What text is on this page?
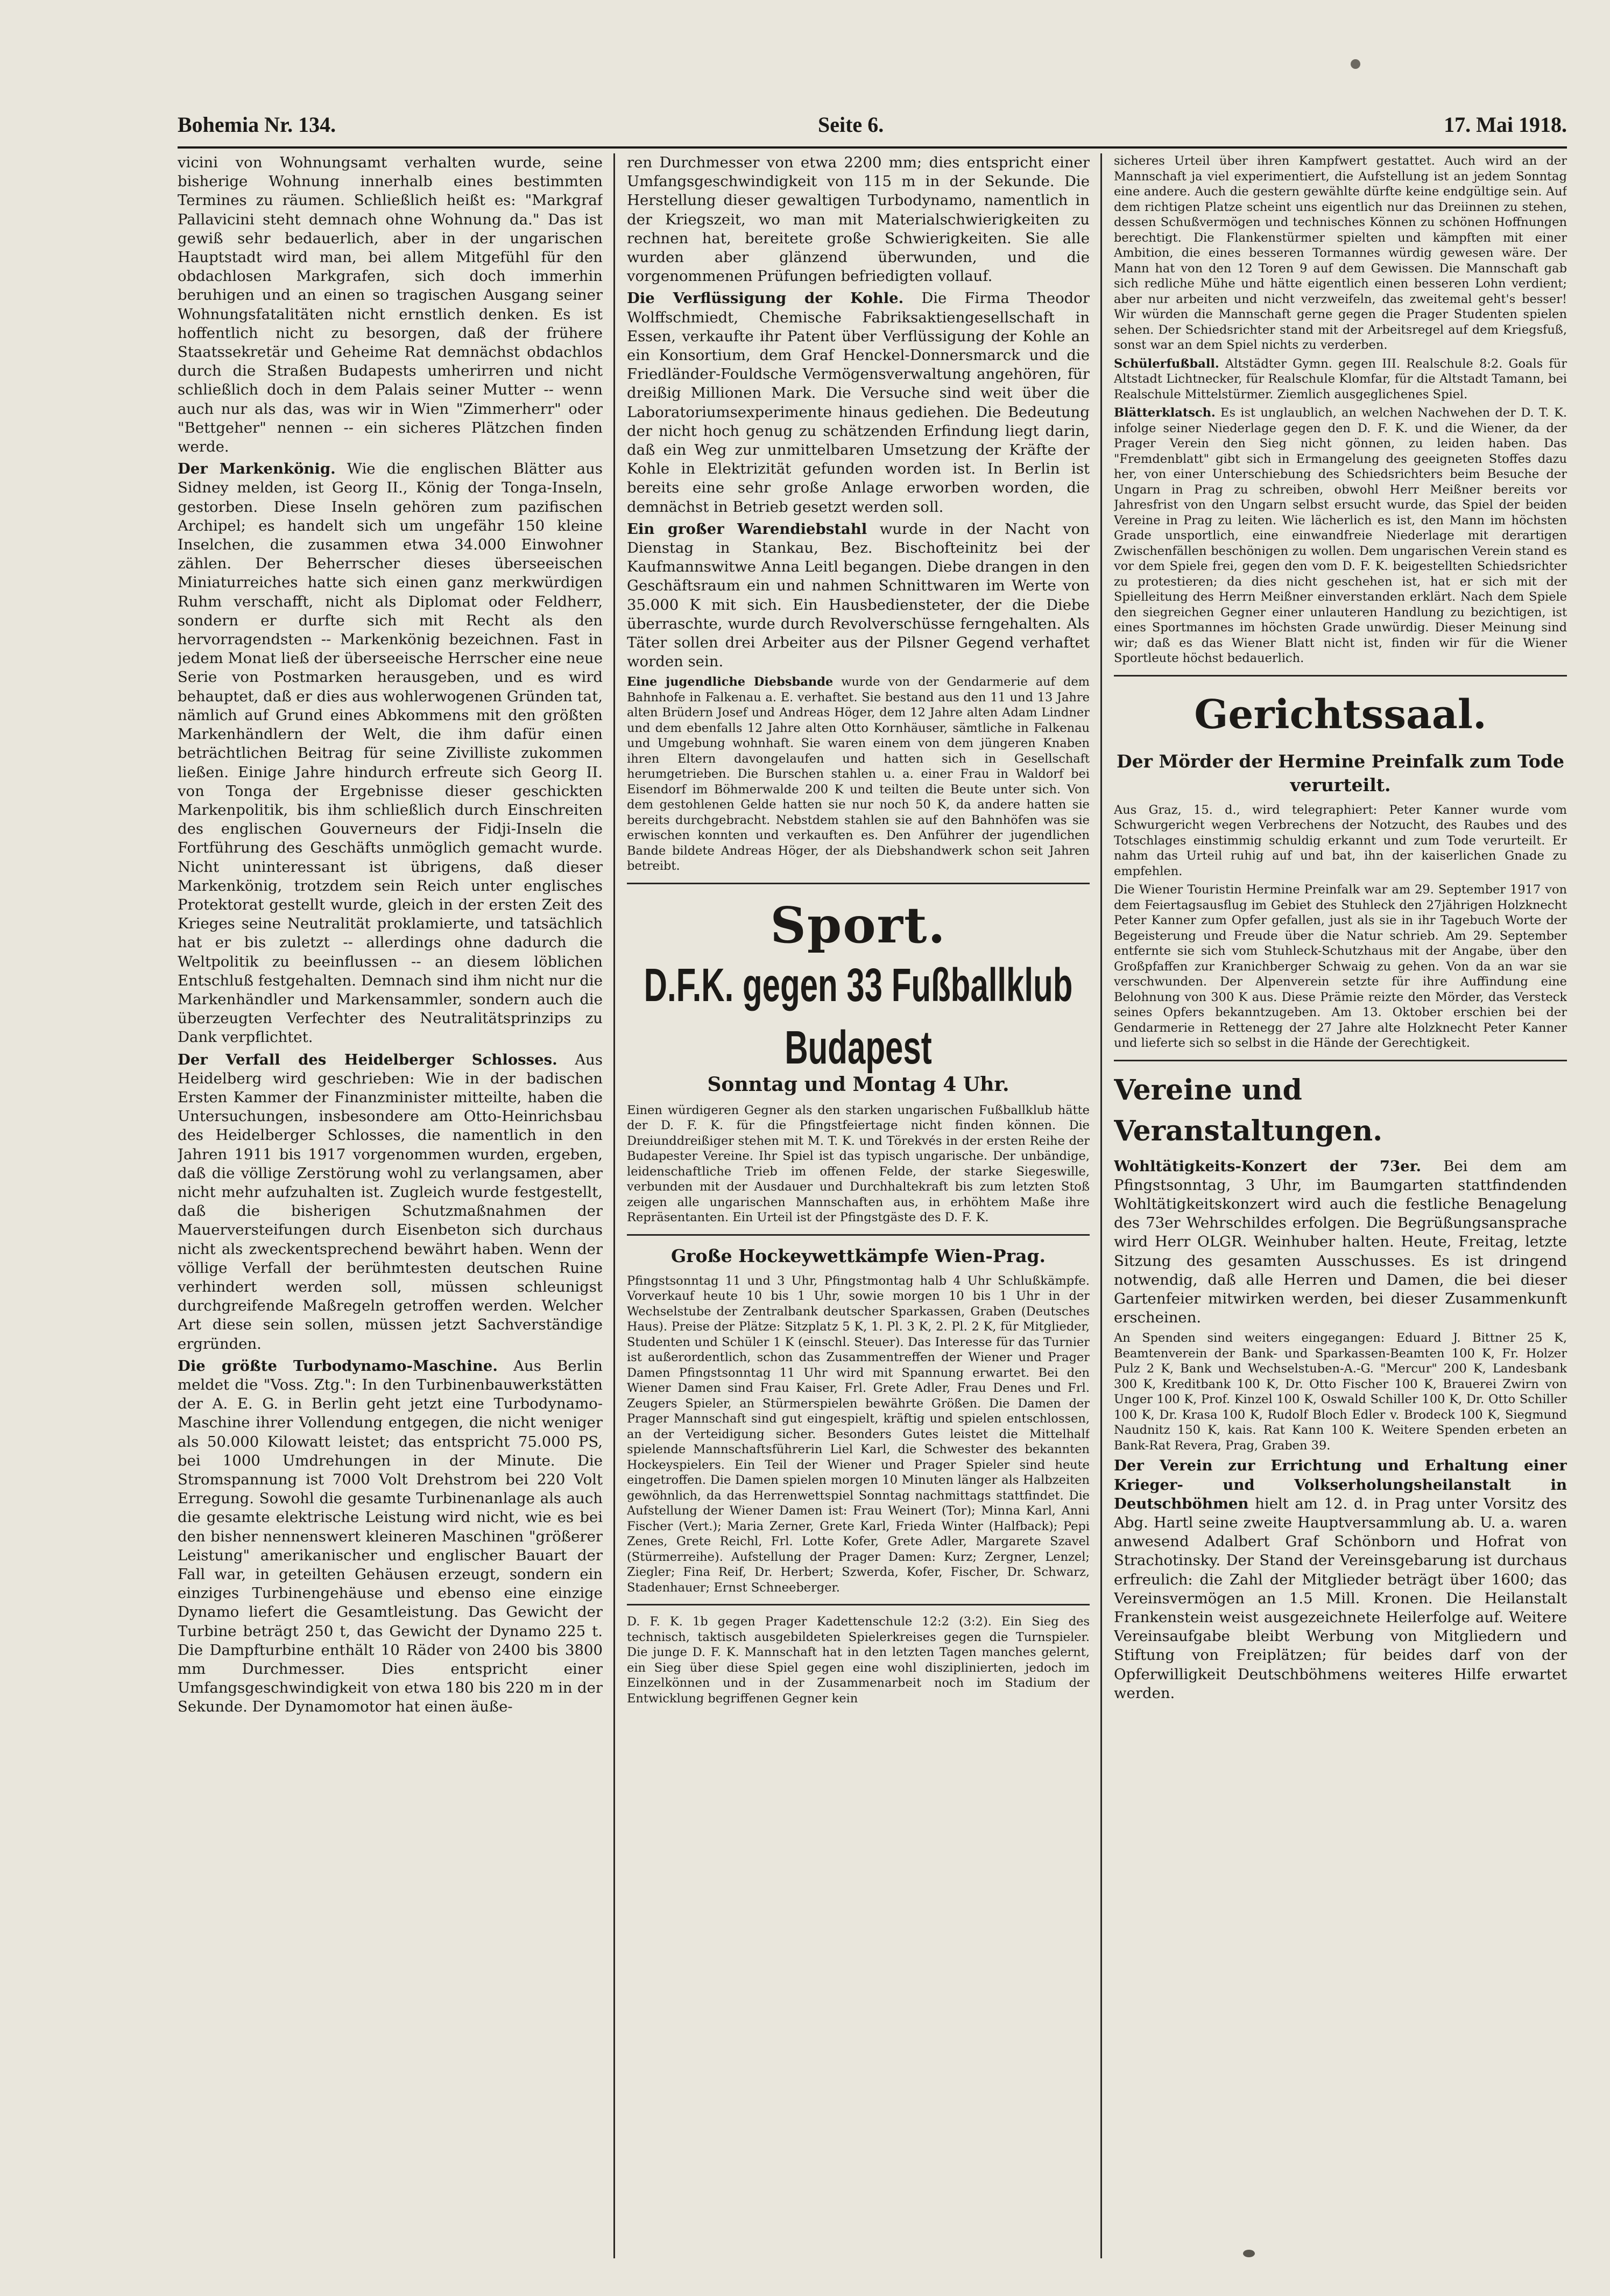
Bohemia Nr. 134.	Seite 6.	17. Mai 1918.

vicini von Wohnungsamt verhalten wurde, seine bisherige Wohnung innerhalb eines bestimmten Termines zu räumen. Schließlich heißt es: "Markgraf Pallavicini steht demnach ohne Wohnung da." Das ist gewiß sehr bedauerlich, aber in der ungarischen Hauptstadt wird man, bei allem Mitgefühl für den obdachlosen Markgrafen, sich doch immerhin beruhigen und an einen so tragischen Ausgang seiner Wohnungsfatalitäten nicht ernstlich denken. Es ist hoffentlich nicht zu besorgen, daß der frühere Staatssekretär und Geheime Rat demnächst obdachlos durch die Straßen Budapests umherirren und nicht schließlich doch in dem Palais seiner Mutter -- wenn auch nur als das, was wir in Wien "Zimmerherr" oder "Bettgeher" nennen -- ein sicheres Plätzchen finden werde.

Der Markenkönig. Wie die englischen Blätter aus Sidney melden, ist Georg II., König der Tonga-Inseln, gestorben. Diese Inseln gehören zum pazifischen Archipel; es handelt sich um ungefähr 150 kleine Inselchen, die zusammen etwa 34.000 Einwohner zählen. Der Beherrscher dieses überseeischen Miniaturreiches hatte sich einen ganz merkwürdigen Ruhm verschafft, nicht als Diplomat oder Feldherr, sondern er durfte sich mit Recht als den hervorragendsten -- Markenkönig bezeichnen. Fast in jedem Monat ließ der überseeische Herrscher eine neue Serie von Postmarken herausgeben, und es wird behauptet, daß er dies aus wohlerwogenen Gründen tat, nämlich auf Grund eines Abkommens mit den größten Markenhändlern der Welt, die ihm dafür einen beträchtlichen Beitrag für seine Zivilliste zukommen ließen. Einige Jahre hindurch erfreute sich Georg II. von Tonga der Ergebnisse dieser geschickten Markenpolitik, bis ihm schließlich durch Einschreiten des englischen Gouverneurs der Fidji-Inseln die Fortführung des Geschäfts unmöglich gemacht wurde. Nicht uninteressant ist übrigens, daß dieser Markenkönig, trotzdem sein Reich unter englisches Protektorat gestellt wurde, gleich in der ersten Zeit des Krieges seine Neutralität proklamierte, und tatsächlich hat er bis zuletzt -- allerdings ohne dadurch die Weltpolitik zu beeinflussen -- an diesem löblichen Entschluß festgehalten. Demnach sind ihm nicht nur die Markenhändler und Markensammler, sondern auch die überzeugten Verfechter des Neutralitätsprinzips zu Dank verpflichtet.

Der Verfall des Heidelberger Schlosses. Aus Heidelberg wird geschrieben: Wie in der badischen Ersten Kammer der Finanzminister mitteilte, haben die Untersuchungen, insbesondere am Otto-Heinrichsbau des Heidelberger Schlosses, die namentlich in den Jahren 1911 bis 1917 vorgenommen wurden, ergeben, daß die völlige Zerstörung wohl zu verlangsamen, aber nicht mehr aufzuhalten ist. Zugleich wurde festgestellt, daß die bisherigen Schutzmaßnahmen der Mauerversteifungen durch Eisenbeton sich durchaus nicht als zweckentsprechend bewährt haben. Wenn der völlige Verfall der berühmtesten deutschen Ruine verhindert werden soll, müssen schleunigst durchgreifende Maßregeln getroffen werden. Welcher Art diese sein sollen, müssen jetzt Sachverständige ergründen.

Die größte Turbodynamo-Maschine. Aus Berlin meldet die "Voss. Ztg.": In den Turbinenbauwerkstätten der A. E. G. in Berlin geht jetzt eine Turbodynamo-Maschine ihrer Vollendung entgegen, die nicht weniger als 50.000 Kilowatt leistet; das entspricht 75.000 PS, bei 1000 Umdrehungen in der Minute. Die Stromspannung ist 7000 Volt Drehstrom bei 220 Volt Erregung. Sowohl die gesamte Turbinenanlage als auch die gesamte elektrische Leistung wird nicht, wie es bei den bisher nennenswert kleineren Maschinen "größerer Leistung" amerikanischer und englischer Bauart der Fall war, in geteilten Gehäusen erzeugt, sondern ein einziges Turbinengehäuse und ebenso eine einzige Dynamo liefert die Gesamtleistung. Das Gewicht der Turbine beträgt 250 t, das Gewicht der Dynamo 225 t. Die Dampfturbine enthält 10 Räder von 2400 bis 3800 mm Durchmesser. Dies entspricht einer Umfangsgeschwindigkeit von etwa 180 bis 220 m in der Sekunde. Der Dynamomotor hat einen äuße-

ren Durchmesser von etwa 2200 mm; dies entspricht einer Umfangsgeschwindigkeit von 115 m in der Sekunde. Die Herstellung dieser gewaltigen Turbodynamo, namentlich in der Kriegszeit, wo man mit Materialschwierigkeiten zu rechnen hat, bereitete große Schwierigkeiten. Sie alle wurden aber glänzend überwunden, und die vorgenommenen Prüfungen befriedigten vollauf.

Die Verflüssigung der Kohle. Die Firma Theodor Wolffschmiedt, Chemische Fabriksaktiengesellschaft in Essen, verkaufte ihr Patent über Verflüssigung der Kohle an ein Konsortium, dem Graf Henckel-Donnersmarck und die Friedländer-Fouldsche Vermögensverwaltung angehören, für dreißig Millionen Mark. Die Versuche sind weit über die Laboratoriumsexperimente hinaus gediehen. Die Bedeutung der nicht hoch genug zu schätzenden Erfindung liegt darin, daß ein Weg zur unmittelbaren Umsetzung der Kräfte der Kohle in Elektrizität gefunden worden ist. In Berlin ist bereits eine sehr große Anlage erworben worden, die demnächst in Betrieb gesetzt werden soll.

Ein großer Warendiebstahl wurde in der Nacht von Dienstag in Stankau, Bez. Bischofteinitz bei der Kaufmannswitwe Anna Leitl begangen. Diebe drangen in den Geschäftsraum ein und nahmen Schnittwaren im Werte von 35.000 K mit sich. Ein Hausbediensteter, der die Diebe überraschte, wurde durch Revolverschüsse ferngehalten. Als Täter sollen drei Arbeiter aus der Pilsner Gegend verhaftet worden sein.

Eine jugendliche Diebsbande wurde von der Gendarmerie auf dem Bahnhofe in Falkenau a. E. verhaftet. Sie bestand aus den 11 und 13 Jahre alten Brüdern Josef und Andreas Höger, dem 12 Jahre alten Adam Lindner und dem ebenfalls 12 Jahre alten Otto Kornhäuser, sämtliche in Falkenau und Umgebung wohnhaft. Sie waren einem von dem jüngeren Knaben ihren Eltern davongelaufen und hatten sich in Gesellschaft herumgetrieben. Die Burschen stahlen u. a. einer Frau in Waldorf bei Eisendorf im Böhmerwalde 200 K und teilten die Beute unter sich. Von dem gestohlenen Gelde hatten sie nur noch 50 K, da andere hatten sie bereits durchgebracht. Nebstdem stahlen sie auf den Bahnhöfen was sie erwischen konnten und verkauften es. Den Anführer der jugendlichen Bande bildete Andreas Höger, der als Diebshandwerk schon seit Jahren betreibt.

Sport.
D.F.K. gegen 33 Fußballklub Budapest
Sonntag und Montag 4 Uhr.

Einen würdigeren Gegner als den starken ungarischen Fußballklub hätte der D. F. K. für die Pfingstfeiertage nicht finden können. Die Dreiunddreißiger stehen mit M. T. K. und Törekvés in der ersten Reihe der Budapester Vereine. Ihr Spiel ist das typisch ungarische. Der unbändige, leidenschaftliche Trieb im offenen Felde, der starke Siegeswille, verbunden mit der Ausdauer und Durchhaltekraft bis zum letzten Stoß zeigen alle ungarischen Mannschaften aus, in erhöhtem Maße ihre Repräsentanten. Ein Urteil ist der Pfingstgäste des D. F. K.

Große Hockeywettkämpfe Wien-Prag.

Pfingstsonntag 11 und 3 Uhr, Pfingstmontag halb 4 Uhr Schlußkämpfe. Vorverkauf heute 10 bis 1 Uhr, sowie morgen 10 bis 1 Uhr in der Wechselstube der Zentralbank deutscher Sparkassen, Graben (Deutsches Haus). Preise der Plätze: Sitzplatz 5 K, 1. Pl. 3 K, 2. Pl. 2 K, für Mitglieder, Studenten und Schüler 1 K (einschl. Steuer). Das Interesse für das Turnier ist außerordentlich, schon das Zusammentreffen der Wiener und Prager Damen Pfingstsonntag 11 Uhr wird mit Spannung erwartet. Bei den Wiener Damen sind Frau Kaiser, Frl. Grete Adler, Frau Denes und Frl. Zeugers Spieler, an Stürmerspielen bewährte Größen. Die Damen der Prager Mannschaft sind gut eingespielt, kräftig und spielen entschlossen, an der Verteidigung sicher. Besonders Gutes leistet die Mittelhalf spielende Mannschaftsführerin Liel Karl, die Schwester des bekannten Hockeyspielers. Ein Teil der Wiener und Prager Spieler sind heute eingetroffen. Die Damen spielen morgen 10 Minuten länger als Halbzeiten gewöhnlich, da das Herrenwettspiel Sonntag nachmittags stattfindet. Die Aufstellung der Wiener Damen ist: Frau Weinert (Tor); Minna Karl, Anni Fischer (Vert.); Maria Zerner, Grete Karl, Frieda Winter (Halfback); Pepi Zenes, Grete Reichl, Frl. Lotte Kofer, Grete Adler, Margarete Szavel (Stürmerreihe). Aufstellung der Prager Damen: Kurz; Zergner, Lenzel; Ziegler; Fina Reif, Dr. Herbert; Szwerda, Kofer, Fischer, Dr. Schwarz, Stadenhauer; Ernst Schneeberger.

D. F. K. 1b gegen Prager Kadettenschule 12:2 (3:2). Ein Sieg des technisch, taktisch ausgebildeten Spielerkreises gegen die Turnspieler. Die junge D. F. K. Mannschaft hat in den letzten Tagen manches gelernt, ein Sieg über diese Spiel gegen eine wohl disziplinierten, jedoch im Einzelkönnen und in der Zusammenarbeit noch im Stadium der Entwicklung begriffenen Gegner kein

sicheres Urteil über ihren Kampfwert gestattet. Auch wird an der Mannschaft ja viel experimentiert, die Aufstellung ist an jedem Sonntag eine andere. Auch die gestern gewählte dürfte keine endgültige sein. Auf dem richtigen Platze scheint uns eigentlich nur das Dreiinnen zu stehen, dessen Schußvermögen und technisches Können zu schönen Hoffnungen berechtigt. Die Flankenstürmer spielten und kämpften mit einer Ambition, die eines besseren Tormannes würdig gewesen wäre. Der Mann hat von den 12 Toren 9 auf dem Gewissen. Die Mannschaft gab sich redliche Mühe und hätte eigentlich einen besseren Lohn verdient; aber nur arbeiten und nicht verzweifeln, das zweitemal geht's besser! Wir würden die Mannschaft gerne gegen die Prager Studenten spielen sehen. Der Schiedsrichter stand mit der Arbeitsregel auf dem Kriegsfuß, sonst war an dem Spiel nichts zu verderben.

Schülerfußball. Altstädter Gymn. gegen III. Realschule 8:2. Goals für Altstadt Lichtnecker, für Realschule Klomfar, für die Altstadt Tamann, bei Realschule Mittelstürmer. Ziemlich ausgeglichenes Spiel.

Blätterklatsch. Es ist unglaublich, an welchen Nachwehen der D. T. K. infolge seiner Niederlage gegen den D. F. K. und die Wiener, da der Prager Verein den Sieg nicht gönnen, zu leiden haben. Das "Fremdenblatt" gibt sich in Ermangelung des geeigneten Stoffes dazu her, von einer Unterschiebung des Schiedsrichters beim Besuche der Ungarn in Prag zu schreiben, obwohl Herr Meißner bereits vor Jahresfrist von den Ungarn selbst ersucht wurde, das Spiel der beiden Vereine in Prag zu leiten. Wie lächerlich es ist, den Mann im höchsten Grade unsportlich, eine einwandfreie Niederlage mit derartigen Zwischenfällen beschönigen zu wollen. Dem ungarischen Verein stand es vor dem Spiele frei, gegen den vom D. F. K. beigestellten Schiedsrichter zu protestieren; da dies nicht geschehen ist, hat er sich mit der Spielleitung des Herrn Meißner einverstanden erklärt. Nach dem Spiele den siegreichen Gegner einer unlauteren Handlung zu bezichtigen, ist eines Sportmannes im höchsten Grade unwürdig. Dieser Meinung sind wir; daß es das Wiener Blatt nicht ist, finden wir für die Wiener Sportleute höchst bedauerlich.

Gerichtssaal.
Der Mörder der Hermine Preinfalk zum Tode verurteilt.

Aus Graz, 15. d., wird telegraphiert: Peter Kanner wurde vom Schwurgericht wegen Verbrechens der Notzucht, des Raubes und des Totschlages einstimmig schuldig erkannt und zum Tode verurteilt. Er nahm das Urteil ruhig auf und bat, ihn der kaiserlichen Gnade zu empfehlen.

Die Wiener Touristin Hermine Preinfalk war am 29. September 1917 von dem Feiertagsausflug im Gebiet des Stuhleck den 27jährigen Holzknecht Peter Kanner zum Opfer gefallen, just als sie in ihr Tagebuch Worte der Begeisterung und Freude über die Natur schrieb. Am 29. September entfernte sie sich vom Stuhleck-Schutzhaus mit der Angabe, über den Großpfaffen zur Kranichberger Schwaig zu gehen. Von da an war sie verschwunden. Der Alpenverein setzte für ihre Auffindung eine Belohnung von 300 K aus. Diese Prämie reizte den Mörder, das Versteck seines Opfers bekanntzugeben. Am 13. Oktober erschien bei der Gendarmerie in Rettenegg der 27 Jahre alte Holzknecht Peter Kanner und lieferte sich so selbst in die Hände der Gerechtigkeit.

Vereine und Veranstaltungen.

Wohltätigkeits-Konzert der 73er. Bei dem am Pfingstsonntag, 3 Uhr, im Baumgarten stattfindenden Wohltätigkeitskonzert wird auch die festliche Benagelung des 73er Wehrschildes erfolgen. Die Begrüßungsansprache wird Herr OLGR. Weinhuber halten. Heute, Freitag, letzte Sitzung des gesamten Ausschusses. Es ist dringend notwendig, daß alle Herren und Damen, die bei dieser Gartenfeier mitwirken werden, bei dieser Zusammenkunft erscheinen.

An Spenden sind weiters eingegangen: Eduard J. Bittner 25 K, Beamtenverein der Bank- und Sparkassen-Beamten 100 K, Fr. Holzer Pulz 2 K, Bank und Wechselstuben-A.-G. "Mercur" 200 K, Landesbank 300 K, Kreditbank 100 K, Dr. Otto Fischer 100 K, Brauerei Zwirn von Unger 100 K, Prof. Kinzel 100 K, Oswald Schiller 100 K, Dr. Otto Schiller 100 K, Dr. Krasa 100 K, Rudolf Bloch Edler v. Brodeck 100 K, Siegmund Naudnitz 150 K, kais. Rat Kann 100 K. Weitere Spenden erbeten an Bank-Rat Revera, Prag, Graben 39.

Der Verein zur Errichtung und Erhaltung einer Krieger- und Volkserholungsheilanstalt in Deutschböhmen hielt am 12. d. in Prag unter Vorsitz des Abg. Hartl seine zweite Hauptversammlung ab. U. a. waren anwesend Adalbert Graf Schönborn und Hofrat von Strachotinsky. Der Stand der Vereinsgebarung ist durchaus erfreulich: die Zahl der Mitglieder beträgt über 1600; das Vereinsvermögen an 1.5 Mill. Kronen. Die Heilanstalt Frankenstein weist ausgezeichnete Heilerfolge auf. Weitere Vereinsaufgabe bleibt Werbung von Mitgliedern und Stiftung von Freiplätzen; für beides darf von der Opferwilligkeit Deutschböhmens weiteres Hilfe erwartet werden.
